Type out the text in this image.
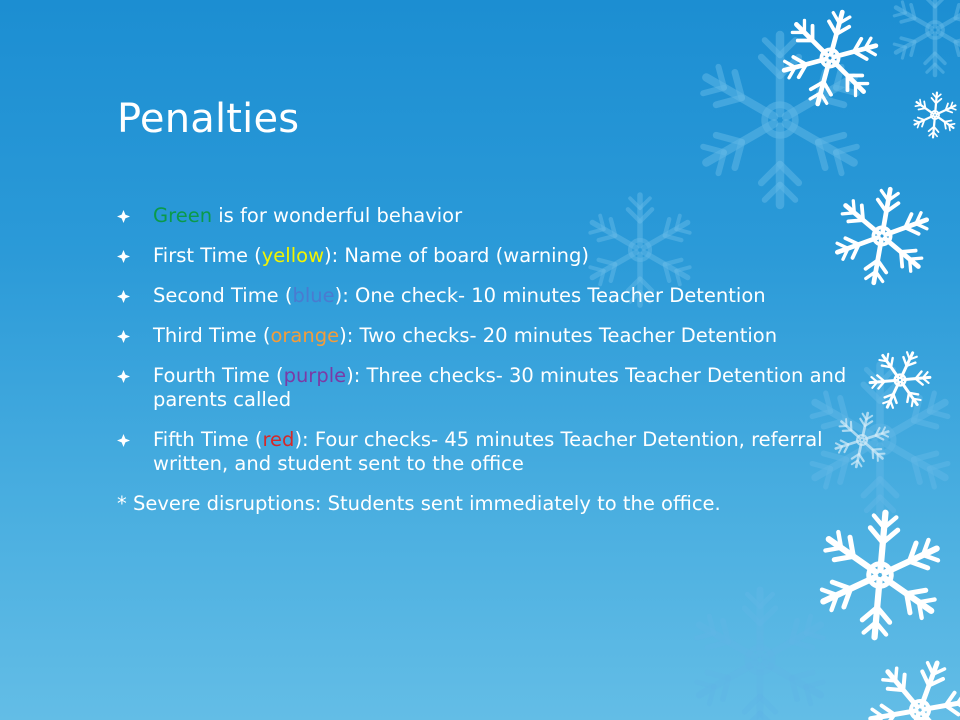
Penalties
Green is for wonderful behavior
First Time (yellow): Name of board (warning)
Second Time (blue): One check- 10 minutes Teacher Detention
Third Time (orange): Two checks- 20 minutes Teacher Detention
Fourth Time (purple): Three checks- 30 minutes Teacher Detention and parents called
Fifth Time (red): Four checks- 45 minutes Teacher Detention, referral written, and student sent to the office
* Severe disruptions: Students sent immediately to the office.
